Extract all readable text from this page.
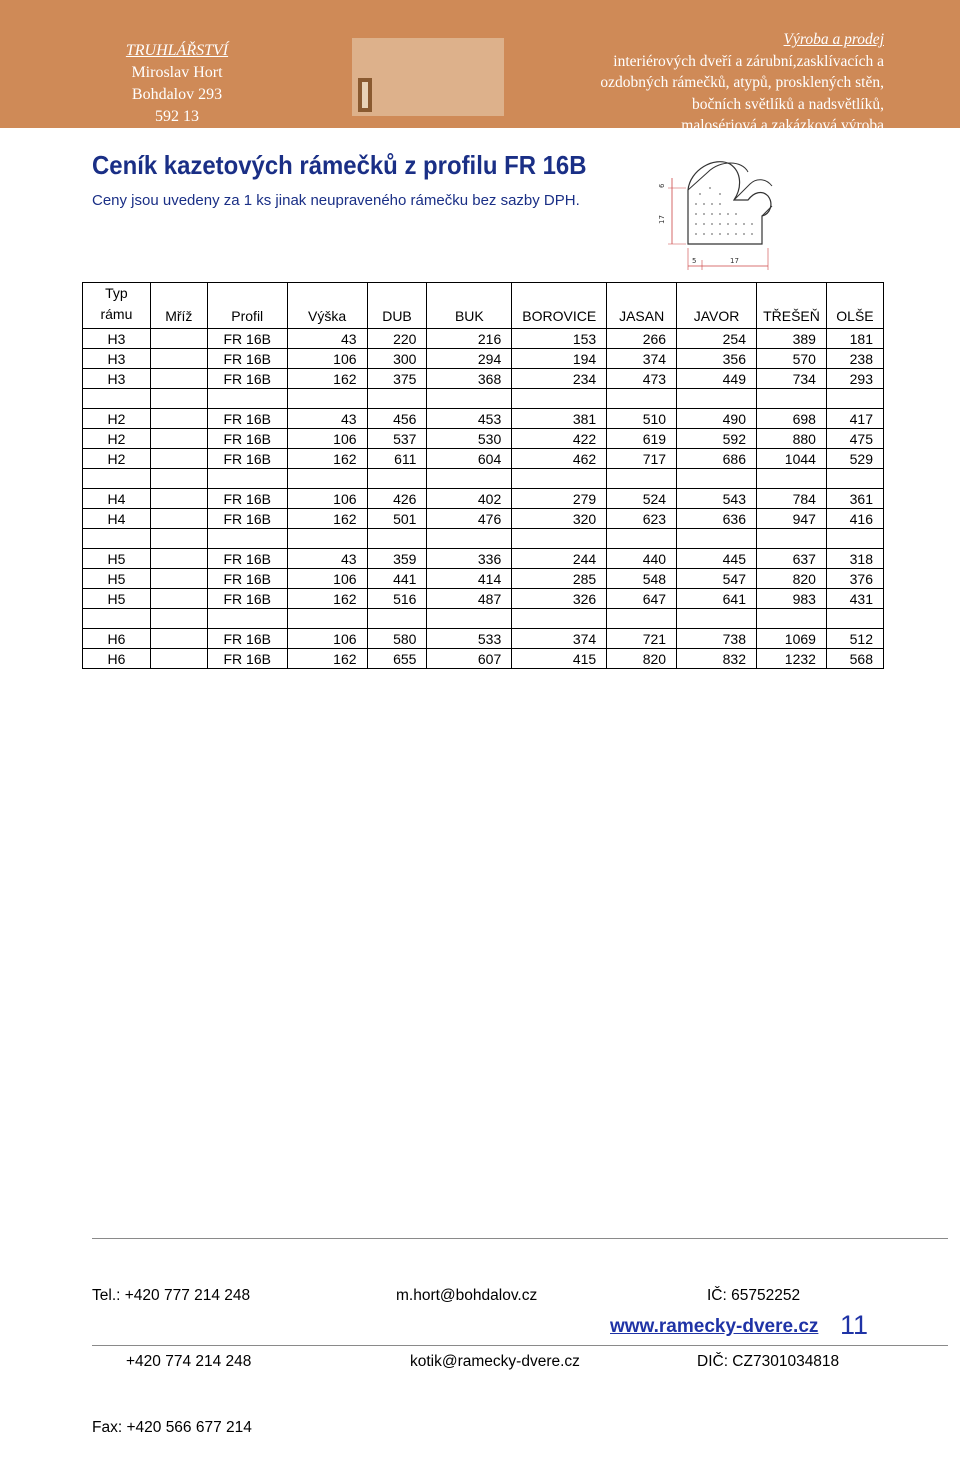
TRUHLÁŘSTVÍ
Miroslav Hort
Bohdalov 293
592 13
Výroba a prodej
interiérových dveří a zárubní,zasklívacích a
ozdobných rámečků, atypů, prosklených stěn,
bočních světlíků a nadsvětlíků,
malosériová a zakázková výroba
Ceník kazetových rámečků z profilu FR 16B
Ceny jsou uvedeny za 1 ks jinak neupraveného rámečku bez sazby DPH.
6
17
5	17
Typ
rámu	Mříž	Profil	Výška	DUB	BUK	BOROVICE	JASAN	JAVOR	TŘEŠEŇ	OLŠE
H3		FR 16B	43	220	216	153	266	254	389	181
H3		FR 16B	106	300	294	194	374	356	570	238
H3		FR 16B	162	375	368	234	473	449	734	293

H2		FR 16B	43	456	453	381	510	490	698	417
H2		FR 16B	106	537	530	422	619	592	880	475
H2		FR 16B	162	611	604	462	717	686	1044	529

H4		FR 16B	106	426	402	279	524	543	784	361
H4		FR 16B	162	501	476	320	623	636	947	416

H5		FR 16B	43	359	336	244	440	445	637	318
H5		FR 16B	106	441	414	285	548	547	820	376
H5		FR 16B	162	516	487	326	647	641	983	431

H6		FR 16B	106	580	533	374	721	738	1069	512
H6		FR 16B	162	655	607	415	820	832	1232	568

Tel.: +420 777 214 248

+420 774 214 248

Fax: +420 566 677 214

m.hort@bohdalov.cz

kotik@ramecky-dvere.cz

IČ: 65752252

DIČ: CZ7301034818

www.ramecky-dvere.cz 11
